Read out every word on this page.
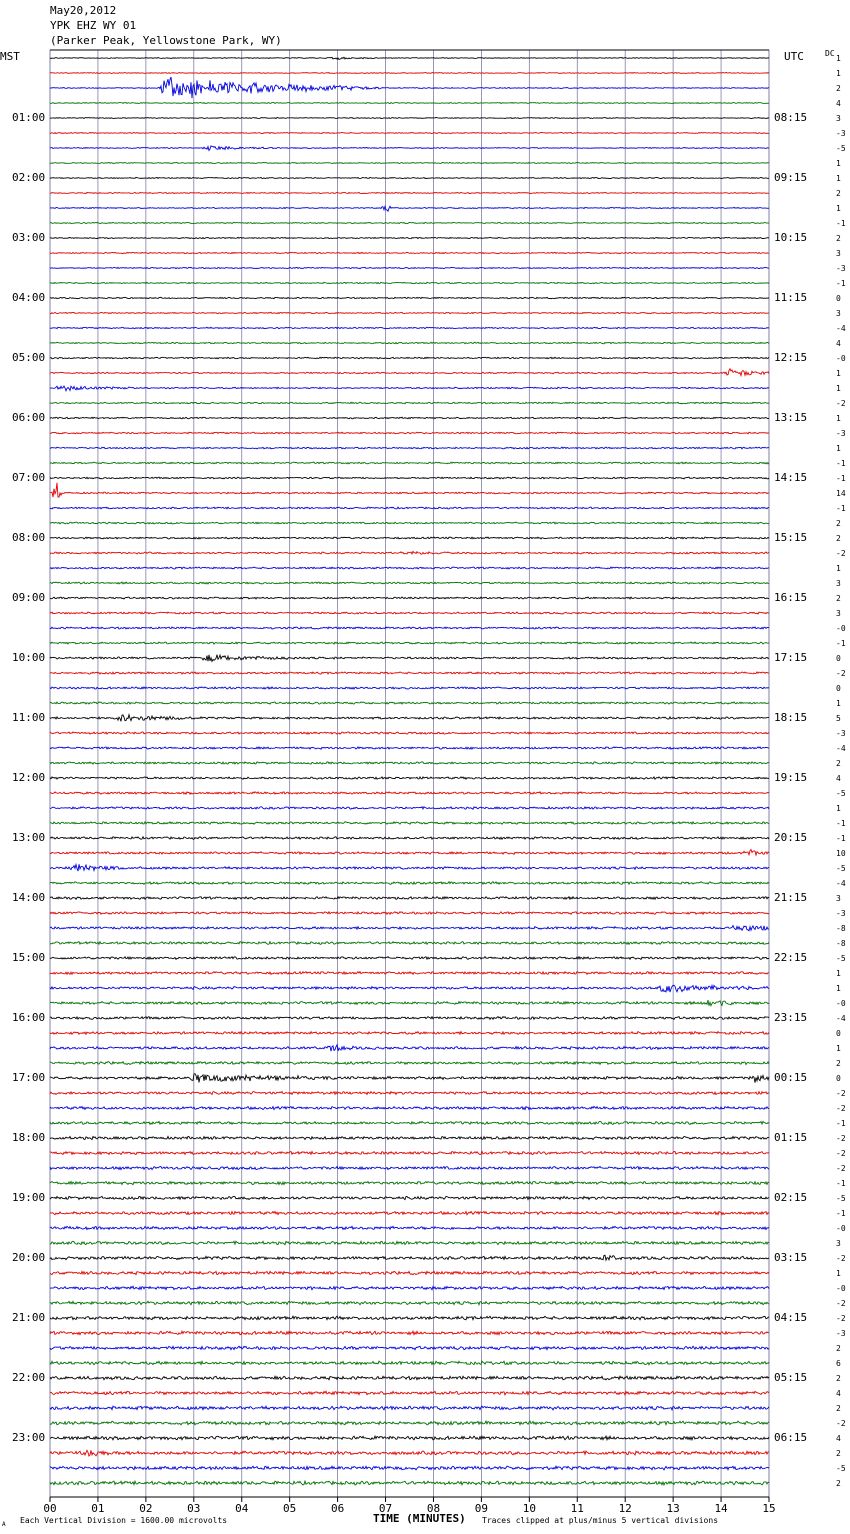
May20,2012
YPK EHZ WY 01
(Parker Peak, Yellowstone Park, WY)
MST	UTC	DC
00	01	02	03	04	05	06	07	08	09	10	11	12	13	14	15
01:00
02:00
03:00
04:00
05:00
06:00
07:00
08:00
09:00
10:00
11:00
12:00
13:00
14:00
15:00
16:00
17:00
18:00
19:00
20:00
21:00
22:00
23:00
08:15
09:15
10:15
11:15
12:15
13:15
14:15
15:15
16:15
17:15
18:15
19:15
20:15
21:15
22:15
23:15
00:15
01:15
02:15
03:15
04:15
05:15
06:15
1
1
2
4
3
-3
-5
1
1
2
1
-1
2
3
-3
-1
0
3
-4
4
-0
1
1
-2
1
-3
1
-1
-1
14
-1
2
2
-2
1
3
2
3
-0
-1
0
-2
0
1
5
-3
-4
2
4
-5
1
-1
-1
10
-5
-4
3
-3
-8
-8
-5
1
1
-0
-4
0
1
2
0
-2
-2
-1
-2
-2
-2
-1
-5
-1
-0
3
-2
1
-0
-2
-2
-3
2
6
2
4
2
-2
4
2
-5
2
TIME (MINUTES)
Each Vertical Division = 1600.00 microvolts	Traces clipped at plus/minus 5 vertical divisions
A
